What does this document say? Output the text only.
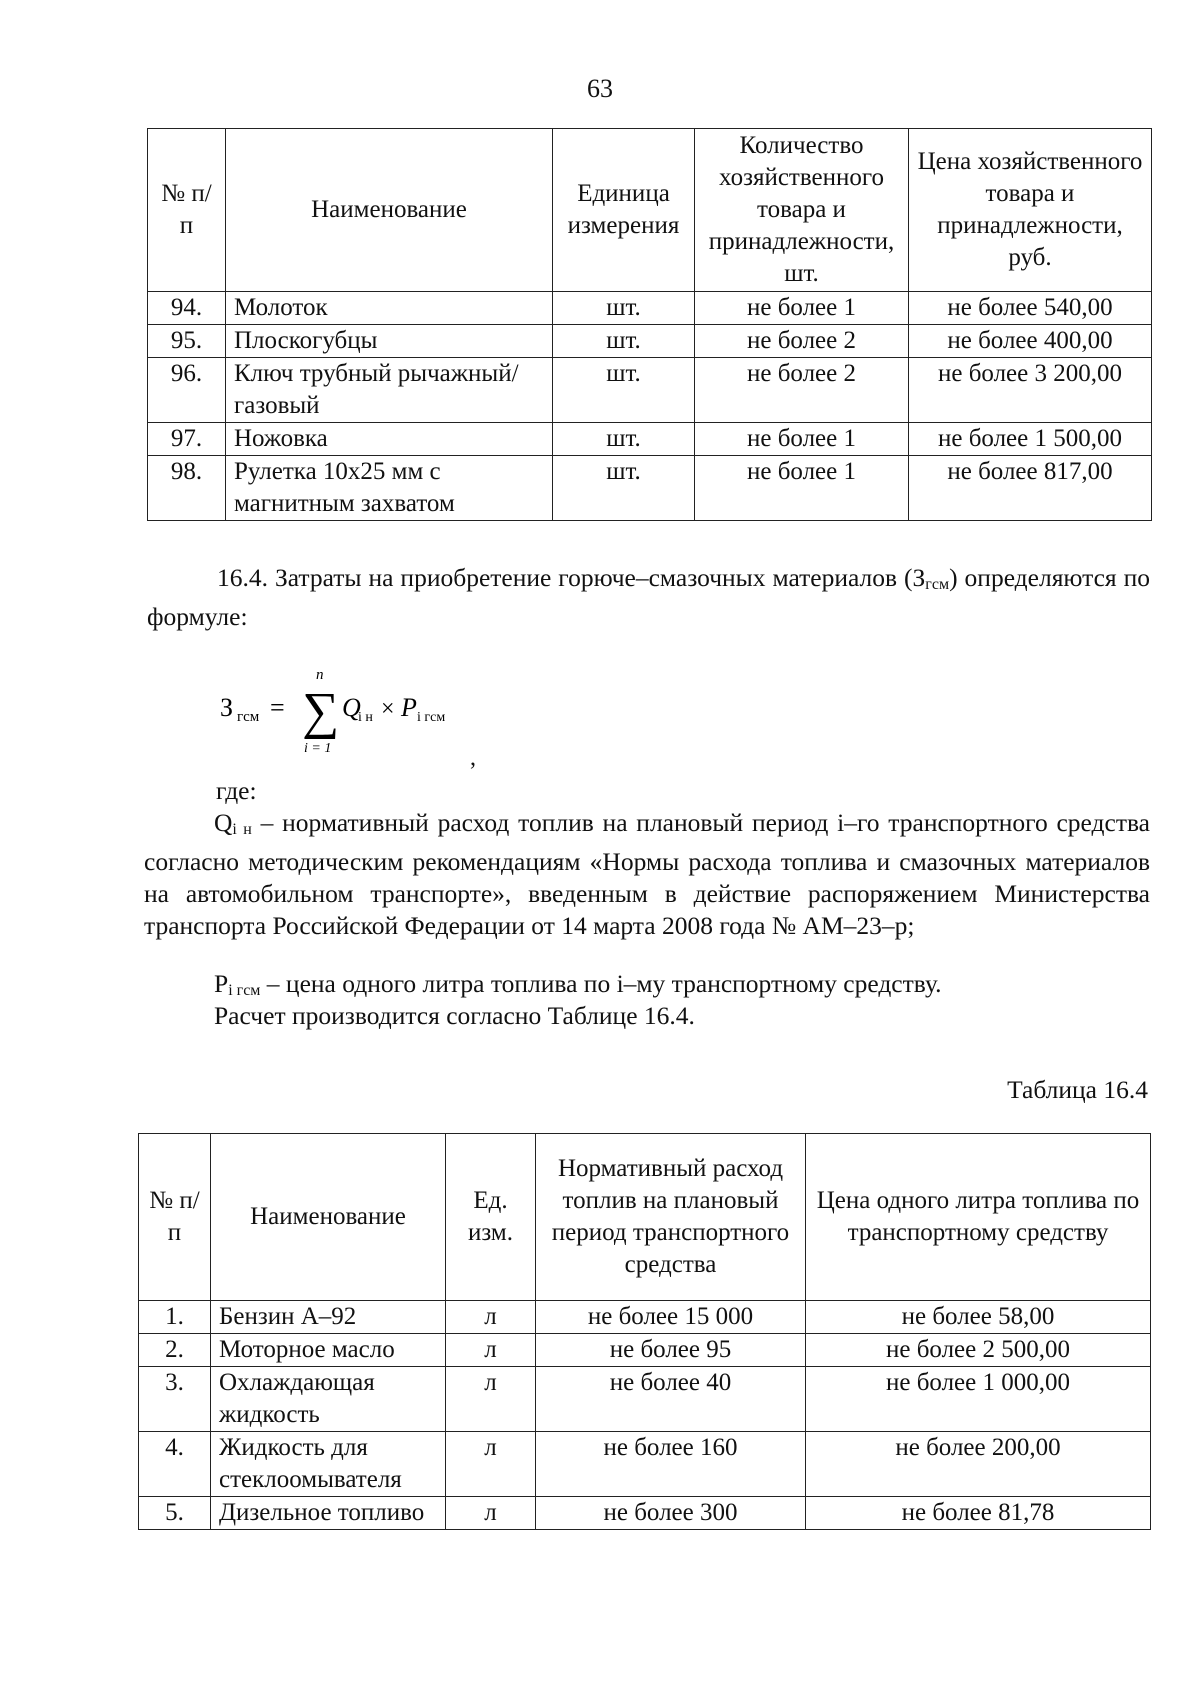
63
№ п/п	Наименование	Единица измерения	Количество хозяйственного товара и принадлежности, шт.	Цена хозяйственного товара и принадлежности, руб.
94.	Молоток	шт.	не более 1	не более 540,00
95.	Плоскогубцы	шт.	не более 2	не более 400,00
96.	Ключ трубный рычажный/газовый	шт.	не более 2	не более 3 200,00
97.	Ножовка	шт.	не более 1	не более 1 500,00
98.	Рулетка 10х25 мм с магнитным захватом	шт.	не более 1	не более 817,00
16.4. Затраты на приобретение горюче–смазочных материалов (Згсм) определяются по формуле:
З гсм = ∑
n
i = 1
Q
i н × P i гсм
,
где:
Qi н – нормативный расход топлив на плановый период i–го транспортного средства согласно методическим рекомендациям «Нормы расхода топлива и смазочных материалов на автомобильном транспорте», введенным в действие распоряжением Министерства транспорта Российской Федерации от 14 марта 2008 года № АМ–23–р;
Pi гсм – цена одного литра топлива по i–му транспортному средству.
Расчет производится согласно Таблице 16.4.
Таблица 16.4
№ п/п	Наименование	Ед. изм.	Нормативный расход топлив на плановый период транспортного средства	Цена одного литра топлива по транспортному средству
1.	Бензин А–92	л	не более 15 000	не более 58,00
2.	Моторное масло	л	не более 95	не более 2 500,00
3.	Охлаждающая жидкость	л	не более 40	не более 1 000,00
4.	Жидкость для стеклоомывателя	л	не более 160	не более 200,00
5.	Дизельное топливо	л	не более 300	не более 81,78
